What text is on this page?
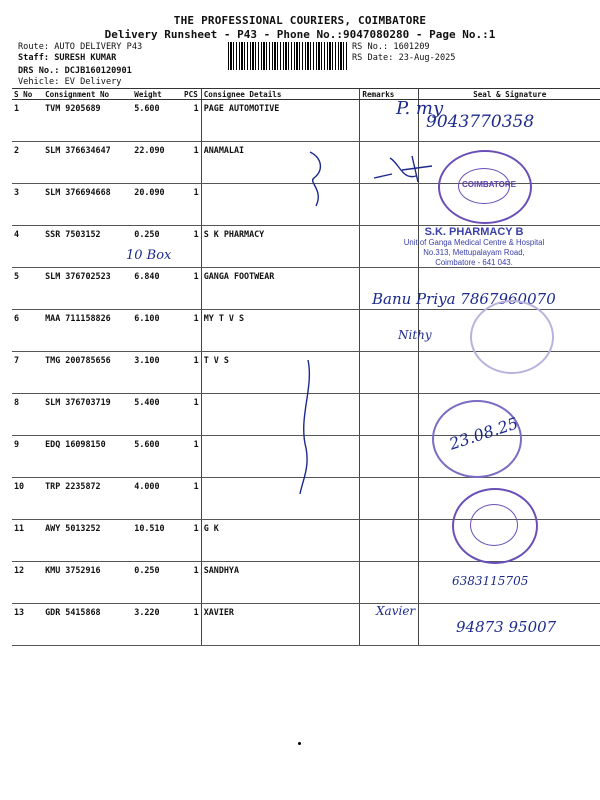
THE PROFESSIONAL COURIERS, COIMBATORE
Delivery Runsheet - P43 - Phone No.:9047080280 - Page No.:1
Route: AUTO DELIVERY P43
Staff: SURESH KUMAR
DRS No.: DCJB160120901
Vehicle: EV Delivery
RS No.: 1601209
RS Date: 23-Aug-2025
S No	Consignment No	Weight	PCS	Consignee Details	Remarks	Seal & Signature
1	TVM 9205689	5.600	1	PAGE AUTOMOTIVE		
2	SLM 376634647	22.090	1	ANAMALAI		
3	SLM 376694668	20.090	1			
4	SSR 7503152	0.250	1	S K PHARMACY		
5	SLM 376702523	6.840	1	GANGA FOOTWEAR		
6	MAA 711158826	6.100	1	MY T V S		
7	TMG 200785656	3.100	1	T V S		
8	SLM 376703719	5.400	1			
9	EDQ 16098150	5.600	1			
10	TRP 2235872	4.000	1			
11	AWY 5013252	10.510	1	G K		
12	KMU 3752916	0.250	1	SANDHYA		
13	GDR 5415868	3.220	1	XAVIER		
P. my
9043770358
COIMBATORE
10 Box
S.K. PHARMACY B
Unit of Ganga Medical Centre & Hospital
No.313, Mettupalayam Road,
Coimbatore - 641 043.
Banu Priya 7867960070
Nithy
23.08.25
6383115705
Xavier
94873 95007
